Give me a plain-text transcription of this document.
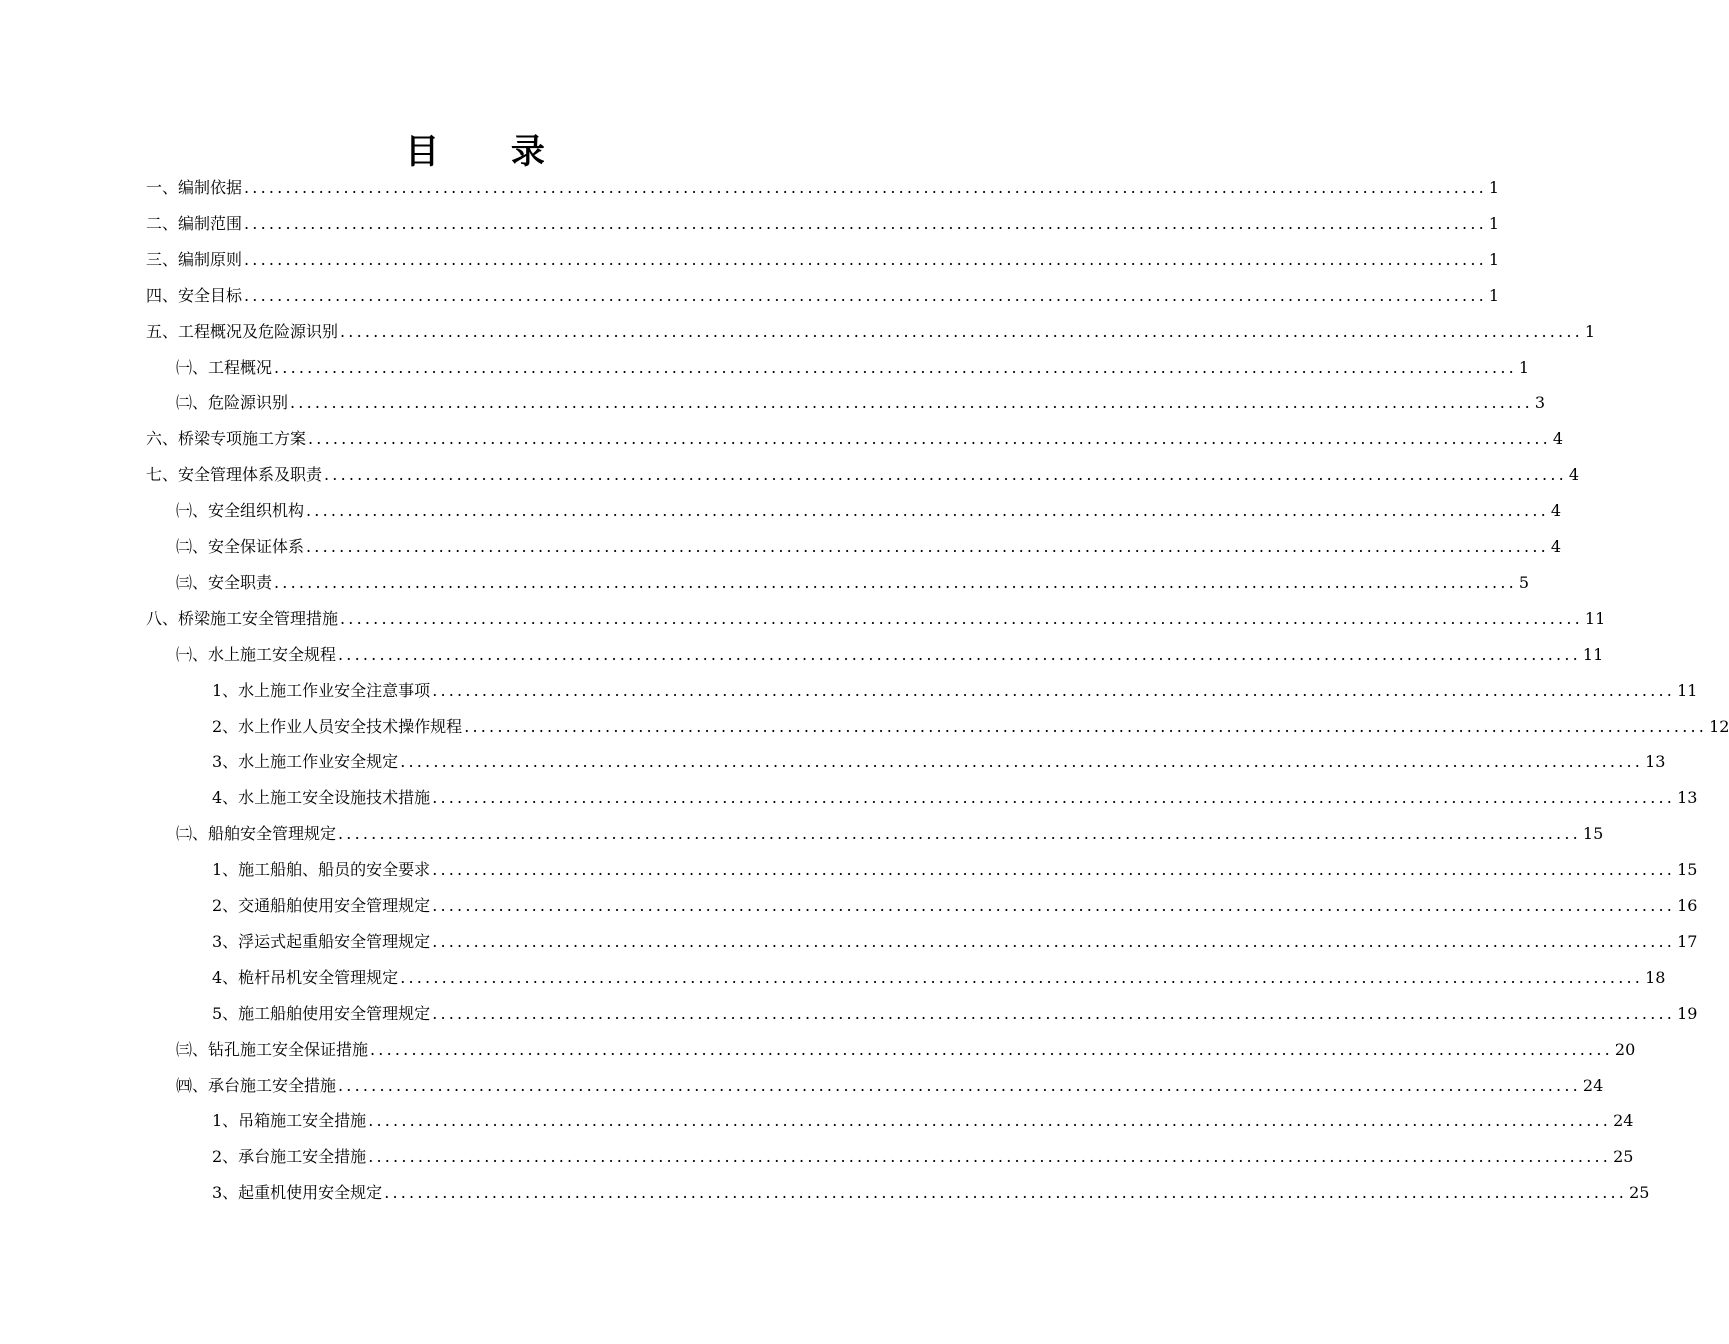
目 录
一、编制依据 ...................................................................................................................................................... 1
二、编制范围 ...................................................................................................................................................... 1
三、编制原则 ...................................................................................................................................................... 1
四、安全目标 ...................................................................................................................................................... 1
五、工程概况及危险源识别 ...................................................................................................................................................... 1
㈠、工程概况 ...................................................................................................................................................... 1
㈡、危险源识别 ...................................................................................................................................................... 3
六、桥梁专项施工方案 ...................................................................................................................................................... 4
七、安全管理体系及职责 ...................................................................................................................................................... 4
㈠、安全组织机构 ...................................................................................................................................................... 4
㈡、安全保证体系 ...................................................................................................................................................... 4
㈢、安全职责 ...................................................................................................................................................... 5
八、桥梁施工安全管理措施 ...................................................................................................................................................... 11
㈠、水上施工安全规程 ...................................................................................................................................................... 11
1、水上施工作业安全注意事项 ...................................................................................................................................................... 11
2、水上作业人员安全技术操作规程 ...................................................................................................................................................... 12
3、水上施工作业安全规定 ...................................................................................................................................................... 13
4、水上施工安全设施技术措施 ...................................................................................................................................................... 13
㈡、船舶安全管理规定 ...................................................................................................................................................... 15
1、施工船舶、船员的安全要求 ...................................................................................................................................................... 15
2、交通船舶使用安全管理规定 ...................................................................................................................................................... 16
3、浮运式起重船安全管理规定 ...................................................................................................................................................... 17
4、桅杆吊机安全管理规定 ...................................................................................................................................................... 18
5、施工船舶使用安全管理规定 ...................................................................................................................................................... 19
㈢、钻孔施工安全保证措施 ...................................................................................................................................................... 20
㈣、承台施工安全措施 ...................................................................................................................................................... 24
1、吊箱施工安全措施 ...................................................................................................................................................... 24
2、承台施工安全措施 ...................................................................................................................................................... 25
3、起重机使用安全规定 ...................................................................................................................................................... 25
